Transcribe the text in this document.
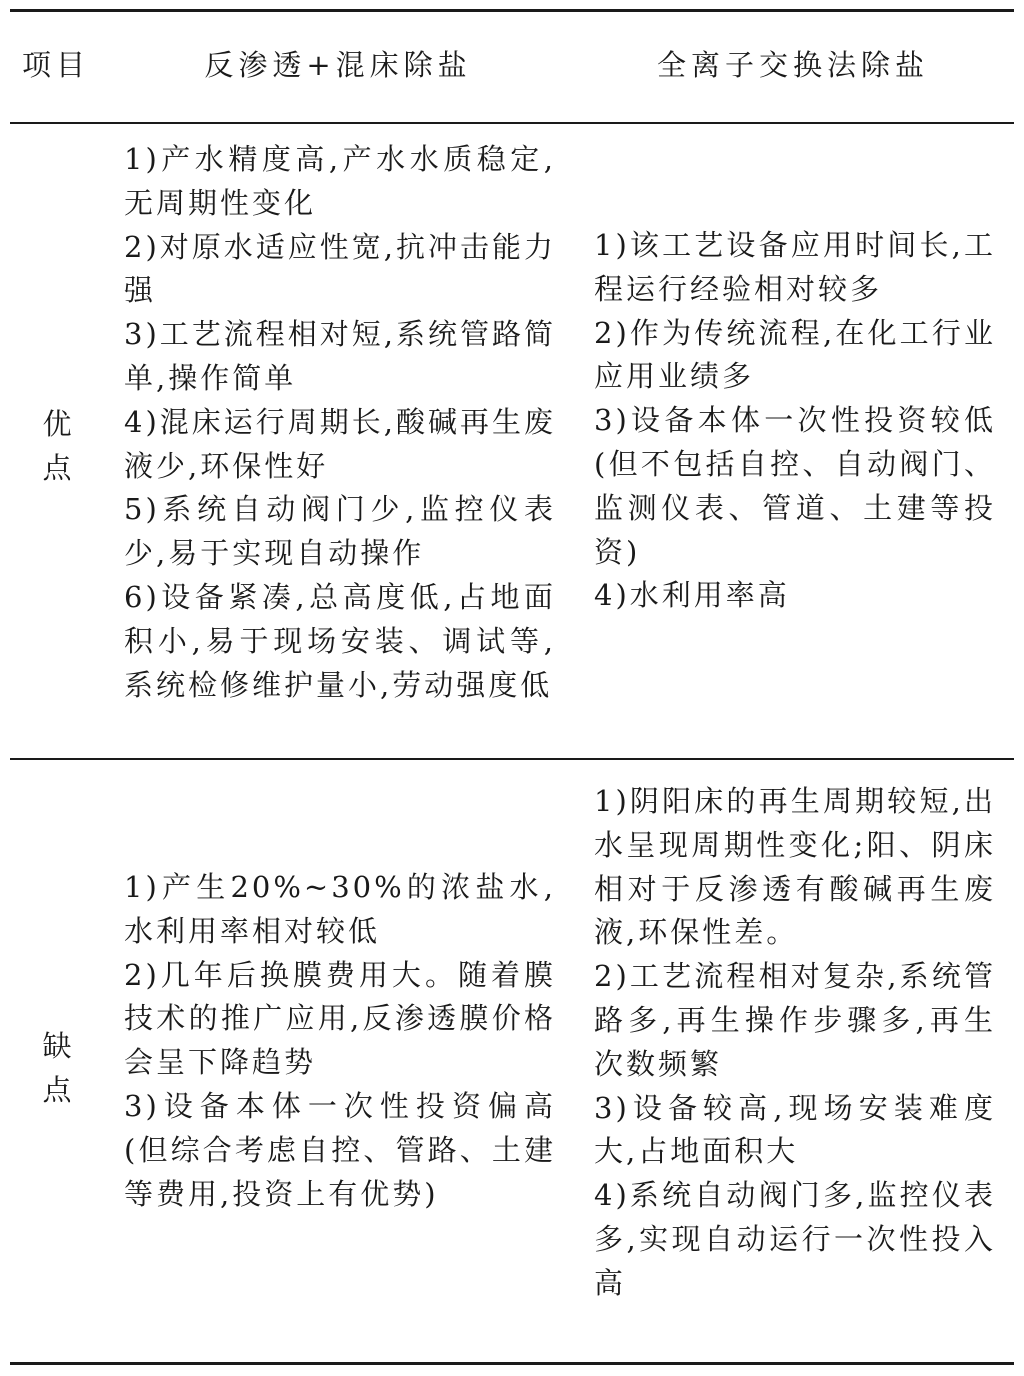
项目	反渗透+混床除盐	全离子交换法除盐
优点
1)产水精度高,产水水质稳定,无周期性变化
2)对原水适应性宽,抗冲击能力强
3)工艺流程相对短,系统管路简单,操作简单
4)混床运行周期长,酸碱再生废液少,环保性好
5)系统自动阀门少,监控仪表少,易于实现自动操作
6)设备紧凑,总高度低,占地面积小,易于现场安装、调试等,系统检修维护量小,劳动强度低
1)该工艺设备应用时间长,工程运行经验相对较多
2)作为传统流程,在化工行业应用业绩多
3)设备本体一次性投资较低(但不包括自控、自动阀门、监测仪表、管道、土建等投资)
4)水利用率高
缺点
1)产生20%~30%的浓盐水,水利用率相对较低
2)几年后换膜费用大。随着膜技术的推广应用,反渗透膜价格会呈下降趋势
3)设备本体一次性投资偏高(但综合考虑自控、管路、土建等费用,投资上有优势)
1)阴阳床的再生周期较短,出水呈现周期性变化;阳、阴床相对于反渗透有酸碱再生废液,环保性差。
2)工艺流程相对复杂,系统管路多,再生操作步骤多,再生次数频繁
3)设备较高,现场安装难度大,占地面积大
4)系统自动阀门多,监控仪表多,实现自动运行一次性投入高
